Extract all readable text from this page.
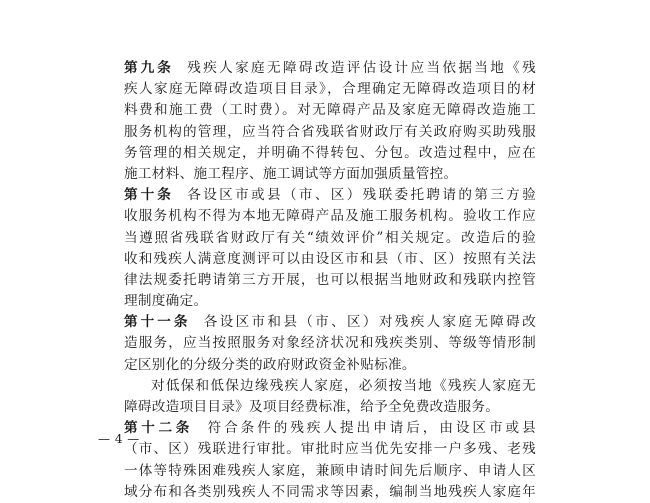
第九条 残疾人家庭无障碍改造评估设计应当依据当地《残
疾人家庭无障碍改造项目目录》，合理确定无障碍改造项目的材
料费和施工费（工时费）。对无障碍产品及家庭无障碍改造施工
服务机构的管理，应当符合省残联省财政厅有关政府购买助残服
务管理的相关规定，并明确不得转包、分包。改造过程中，应在
施工材料、施工程序、施工调试等方面加强质量管控。
第十条 各设区市或县（市、区）残联委托聘请的第三方验
收服务机构不得为本地无障碍产品及施工服务机构。验收工作应
当遵照省残联省财政厅有关“绩效评价”相关规定。改造后的验
收和残疾人满意度测评可以由设区市和县（市、区）按照有关法
律法规委托聘请第三方开展，也可以根据当地财政和残联内控管
理制度确定。
第十一条 各设区市和县（市、区）对残疾人家庭无障碍改
造服务，应当按照服务对象经济状况和残疾类别、等级等情形制
定区别化的分级分类的政府财政资金补贴标准。
对低保和低保边缘残疾人家庭，必须按当地《残疾人家庭无
障碍改造项目目录》及项目经费标准，给予全免费改造服务。
第十二条 符合条件的残疾人提出申请后，由设区市或县
（市、区）残联进行审批。审批时应当优先安排一户多残、老残
一体等特殊困难残疾人家庭，兼顾申请时间先后顺序、申请人区
域分布和各类别残疾人不同需求等因素，编制当地残疾人家庭年
— 4 —
